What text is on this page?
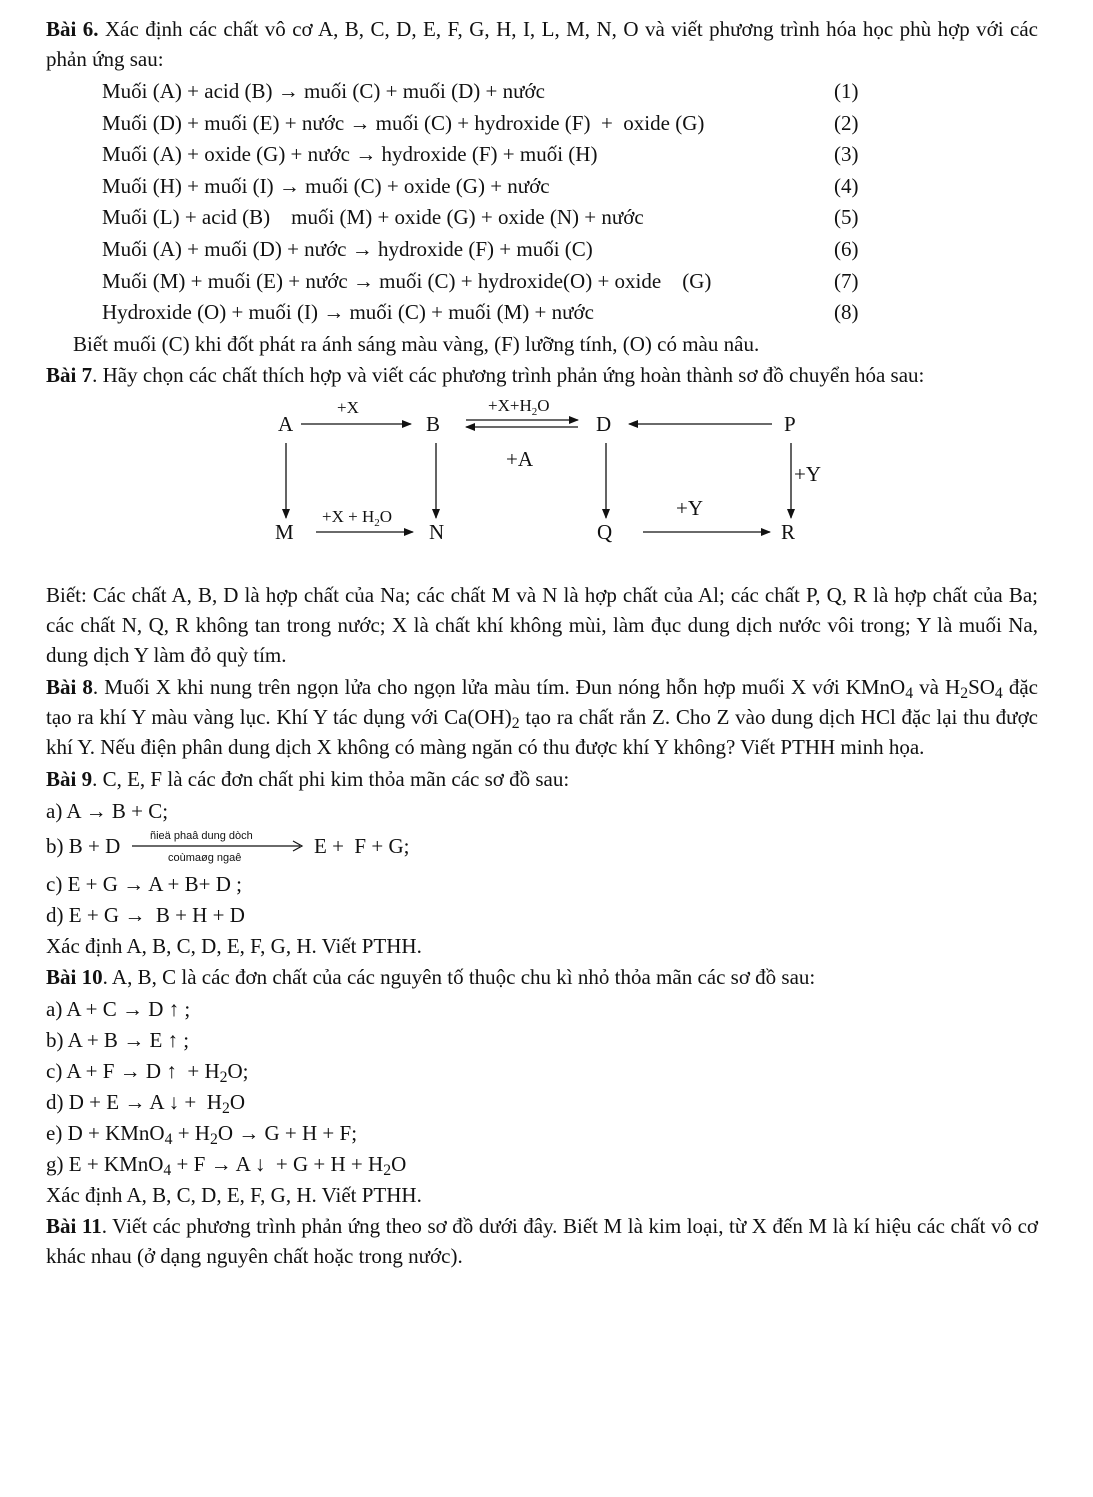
Bài 6. Xác định các chất vô cơ A, B, C, D, E, F, G, H, I, L, M, N, O và viết phương trình hóa học phù hợp với các phản ứng sau:

Muối (A) + acid (B) → muối (C) + muối (D) + nước	(1)
Muối (D) + muối (E) + nước → muối (C) + hydroxide (F)  +  oxide (G)	(2)
Muối (A) + oxide (G) + nước → hydroxide (F) + muối (H)	(3)
Muối (H) + muối (I) → muối (C) + oxide (G) + nước	(4)
Muối (L) + acid (B)    muối (M) + oxide (G) + oxide (N) + nước	(5)
Muối (A) + muối (D) + nước → hydroxide (F) + muối (C)	(6)
Muối (M) + muối (E) + nước → muối (C) + hydroxide(O) + oxide    (G)	(7)
Hydroxide (O) + muối (I) → muối (C) + muối (M) + nước	(8)

Biết muối (C) khi đốt phát ra ánh sáng màu vàng, (F) lưỡng tính, (O) có màu nâu.

Bài 7. Hãy chọn các chất thích hợp và viết các phương trình phản ứng hoàn thành sơ đồ chuyển hóa sau:

A	B	D	P
M	N	Q	R
+X	$+X+H_2O$
+A
+Y
$+X + H_2O$	+Y

Biết: Các chất A, B, D là hợp chất của Na; các chất M và N là hợp chất của Al; các chất P, Q, R là hợp chất của Ba; các chất N, Q, R không tan trong nước; X là chất khí không mùi, làm đục dung dịch nước vôi trong; Y là muối Na, dung dịch Y làm đỏ quỳ tím.

Bài 8. Muối X khi nung trên ngọn lửa cho ngọn lửa màu tím. Đun nóng hỗn hợp muối X với KMnO$_4$ và $H_2SO_4$ đặc tạo ra khí Y màu vàng lục. Khí Y tác dụng với $Ca(OH)_2$ tạo ra chất rắn Z. Cho Z vào dung dịch HCl đặc lại thu được khí Y. Nếu điện phân dung dịch X không có màng ngăn có thu được khí Y không? Viết PTHH minh họa.

Bài 9. C, E, F là các đơn chất phi kim thỏa mãn các sơ đồ sau:

a) A → B + C;

b) B + D	ñieä phaâ dung dòch
coùmaøg ngaê	E +  F + G;

c) E + G → A + B+ D ;

d) E + G →  B + H + D

Xác định A, B, C, D, E, F, G, H. Viết PTHH.

Bài 10. A, B, C là các đơn chất của các nguyên tố thuộc chu kì nhỏ thỏa mãn các sơ đồ sau:

a) A + C → D ↑ ;

b) A + B → E ↑ ;

c) A + F → D ↑  + $H_2O$;

d) D + E → A ↓ +  $H_2O$

e) D + KMnO$_4$ + $H_2O \to G + H + F$;

g) E + KMnO$_4$ + F → A ↓  + $G + H + H_2O$

Xác định A, B, C, D, E, F, G, H. Viết PTHH.

Bài 11. Viết các phương trình phản ứng theo sơ đồ dưới đây. Biết M là kim loại, từ X đến M là kí hiệu các chất vô cơ khác nhau (ở dạng nguyên chất hoặc trong nước).
